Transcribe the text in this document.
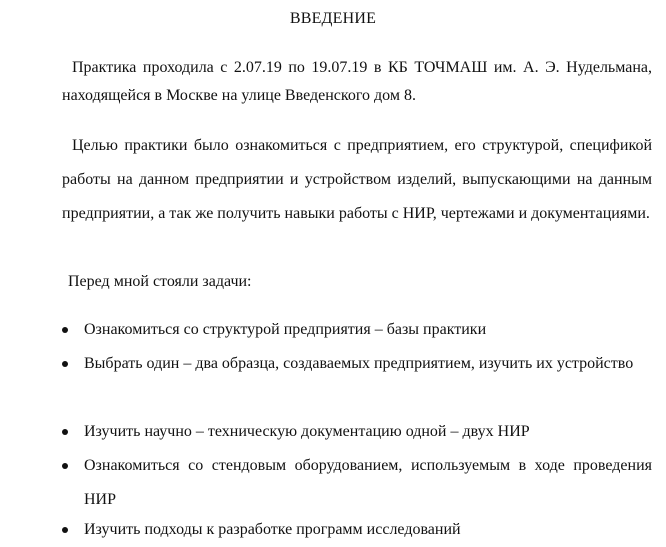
ВВЕДЕНИЕ
Практика проходила с 2.07.19 по 19.07.19 в КБ ТОЧМАШ им. А. Э. Нудельмана, находящейся в Москве на улице Введенского дом 8.
Целью практики было ознакомиться с предприятием, его структурой, спецификой работы на данном предприятии и устройством изделий, выпускающими на данным предприятии, а так же получить навыки работы с НИР, чертежами и документациями.
Перед мной стояли задачи:
Ознакомиться со структурой предприятия – базы практики
Выбрать один – два образца, создаваемых предприятием, изучить их устройство
Изучить научно – техническую документацию одной – двух НИР
Ознакомиться со стендовым оборудованием, используемым в ходе проведения НИР
Изучить подходы к разработке программ исследований
